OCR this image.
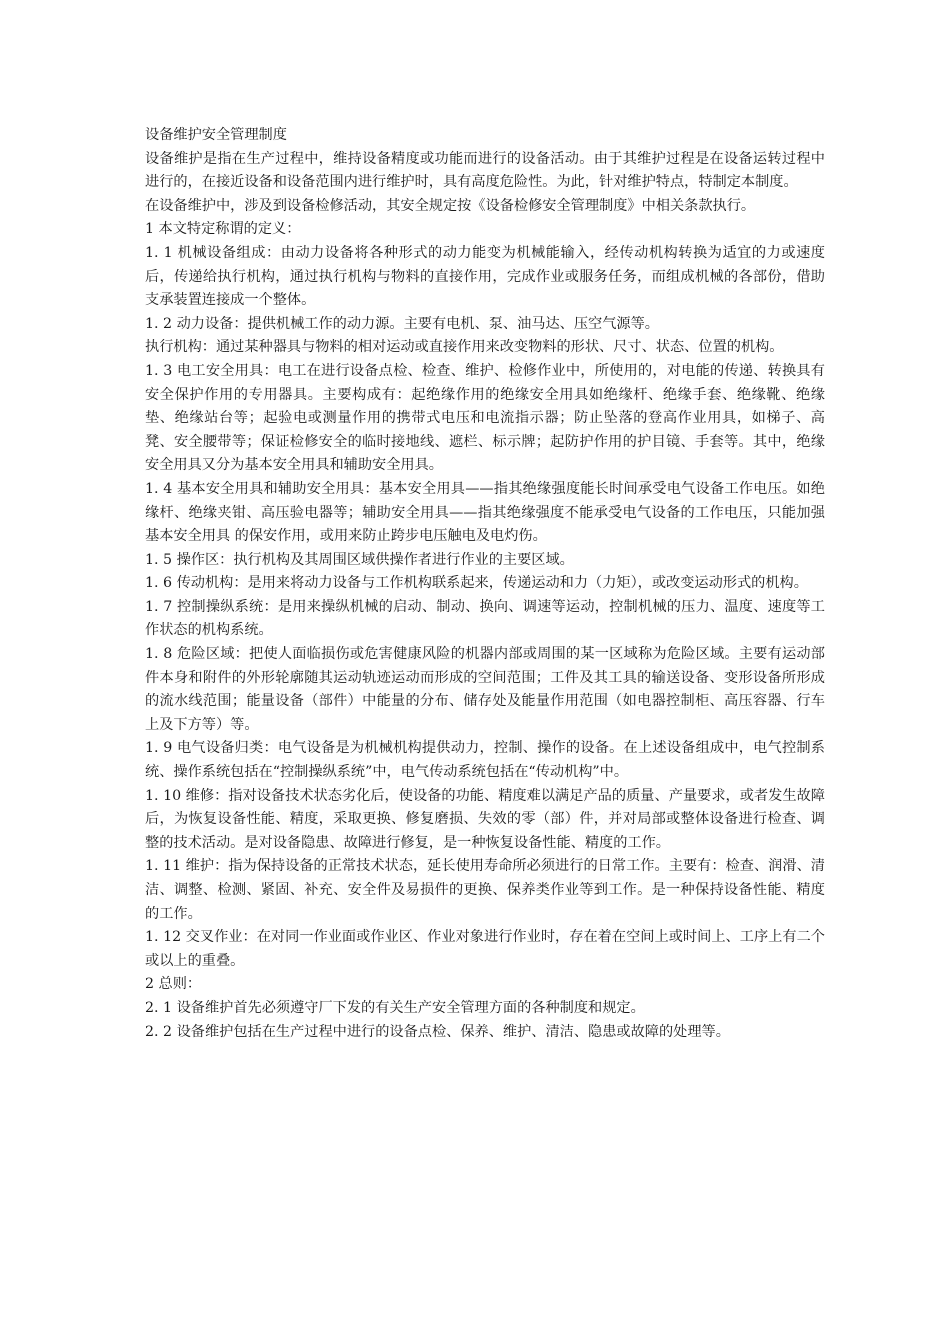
设备维护安全管理制度

设备维护是指在生产过程中，维持设备精度或功能而进行的设备活动。由于其维护过程是在设备运转过程中进行的，在接近设备和设备范围内进行维护时，具有高度危险性。为此，针对维护特点，特制定本制度。

在设备维护中，涉及到设备检修活动，其安全规定按《设备检修安全管理制度》中相关条款执行。

1 本文特定称谓的定义：

1. 1 机械设备组成：由动力设备将各种形式的动力能变为机械能输入，经传动机构转换为适宜的力或速度后，传递给执行机构，通过执行机构与物料的直接作用，完成作业或服务任务，而组成机械的各部份，借助支承装置连接成一个整体。

1. 2 动力设备：提供机械工作的动力源。主要有电机、泵、油马达、压空气源等。

执行机构：通过某种器具与物料的相对运动或直接作用来改变物料的形状、尺寸、状态、位置的机构。

1. 3 电工安全用具：电工在进行设备点检、检查、维护、检修作业中，所使用的，对电能的传递、转换具有安全保护作用的专用器具。主要构成有：起绝缘作用的绝缘安全用具如绝缘杆、绝缘手套、绝缘靴、绝缘垫、绝缘站台等；起验电或测量作用的携带式电压和电流指示器；防止坠落的登高作业用具，如梯子、高凳、安全腰带等；保证检修安全的临时接地线、遮栏、标示牌；起防护作用的护目镜、手套等。其中，绝缘安全用具又分为基本安全用具和辅助安全用具。

1. 4 基本安全用具和辅助安全用具：基本安全用具——指其绝缘强度能长时间承受电气设备工作电压。如绝缘杆、绝缘夹钳、高压验电器等；辅助安全用具——指其绝缘强度不能承受电气设备的工作电压，只能加强基本安全用具 的保安作用，或用来防止跨步电压触电及电灼伤。

1. 5 操作区：执行机构及其周围区域供操作者进行作业的主要区域。

1. 6 传动机构：是用来将动力设备与工作机构联系起来，传递运动和力（力矩），或改变运动形式的机构。

1. 7 控制操纵系统：是用来操纵机械的启动、制动、换向、调速等运动，控制机械的压力、温度、速度等工作状态的机构系统。

1. 8 危险区域：把使人面临损伤或危害健康风险的机器内部或周围的某一区域称为危险区域。主要有运动部件本身和附件的外形轮廓随其运动轨迹运动而形成的空间范围；工件及其工具的输送设备、变形设备所形成的流水线范围；能量设备（部件）中能量的分布、储存处及能量作用范围（如电器控制柜、高压容器、行车上及下方等）等。

1. 9 电气设备归类：电气设备是为机械机构提供动力，控制、操作的设备。在上述设备组成中，电气控制系统、操作系统包括在“控制操纵系统”中，电气传动系统包括在“传动机构”中。

1. 10 维修：指对设备技术状态劣化后，使设备的功能、精度难以满足产品的质量、产量要求，或者发生故障后，为恢复设备性能、精度，采取更换、修复磨损、失效的零（部）件，并对局部或整体设备进行检查、调整的技术活动。是对设备隐患、故障进行修复，是一种恢复设备性能、精度的工作。

1. 11 维护：指为保持设备的正常技术状态，延长使用寿命所必须进行的日常工作。主要有：检查、润滑、清洁、调整、检测、紧固、补充、安全件及易损件的更换、保养类作业等到工作。是一种保持设备性能、精度的工作。

1. 12 交叉作业：在对同一作业面或作业区、作业对象进行作业时，存在着在空间上或时间上、工序上有二个或以上的重叠。

2 总则：

2. 1 设备维护首先必须遵守厂下发的有关生产安全管理方面的各种制度和规定。

2. 2 设备维护包括在生产过程中进行的设备点检、保养、维护、清洁、隐患或故障的处理等。
